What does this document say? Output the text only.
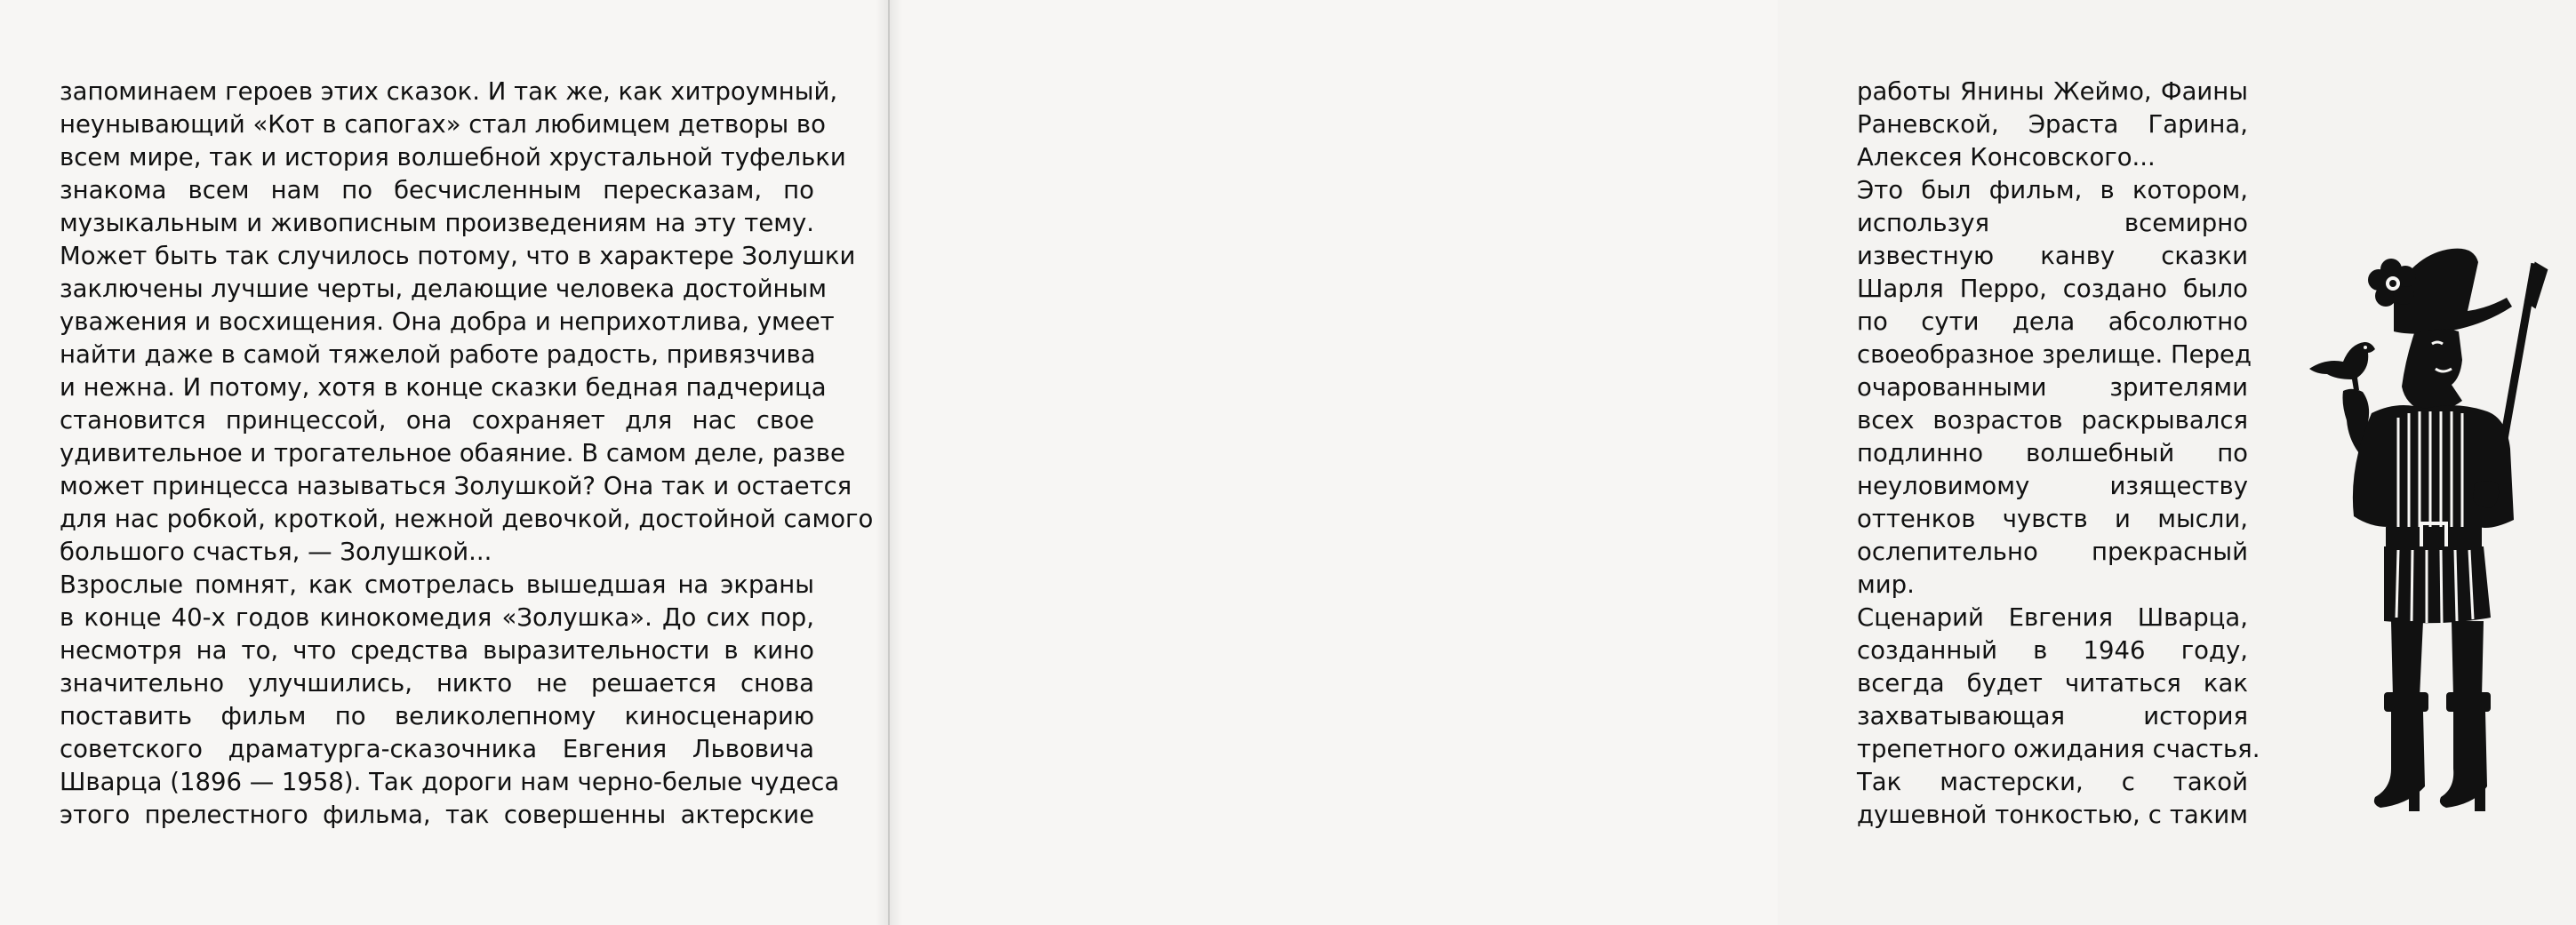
запоминаем героев этих сказок. И так же, как хитроумный,
неунывающий «Кот в сапогах» стал любимцем детворы во
всем мире, так и история волшебной хрустальной туфельки
знакома всем нам по бесчисленным пересказам, по
музыкальным и живописным произведениям на эту тему.
Может быть так случилось потому, что в характере Золушки
заключены лучшие черты, делающие человека достойным
уважения и восхищения. Она добра и неприхотлива, умеет
найти даже в самой тяжелой работе радость, привязчива
и нежна. И потому, хотя в конце сказки бедная падчерица
становится принцессой, она сохраняет для нас свое
удивительное и трогательное обаяние. В самом деле, разве
может принцесса называться Золушкой? Она так и остается
для нас робкой, кроткой, нежной девочкой, достойной самого
большого счастья, — Золушкой...
Взрослые помнят, как смотрелась вышедшая на экраны
в конце 40-х годов кинокомедия «Золушка». До сих пор,
несмотря на то, что средства выразительности в кино
значительно улучшились, никто не решается снова
поставить фильм по великолепному киносценарию
советского драматурга-сказочника Евгения Львовича
Шварца (1896 — 1958). Так дороги нам черно-белые чудеса
этого прелестного фильма, так совершенны актерские
работы Янины Жеймо, Фаины
Раневской, Эраста Гарина,
Алексея Консовского...
Это был фильм, в котором,
используя всемирно
известную канву сказки
Шарля Перро, создано было
по сути дела абсолютно
своеобразное зрелище. Перед
очарованными зрителями
всех возрастов раскрывался
подлинно волшебный по
неуловимому изяществу
оттенков чувств и мысли,
ослепительно прекрасный
мир.
Сценарий Евгения Шварца,
созданный в 1946 году,
всегда будет читаться как
захватывающая история
трепетного ожидания счастья.
Так мастерски, с такой
душевной тонкостью, с таким
